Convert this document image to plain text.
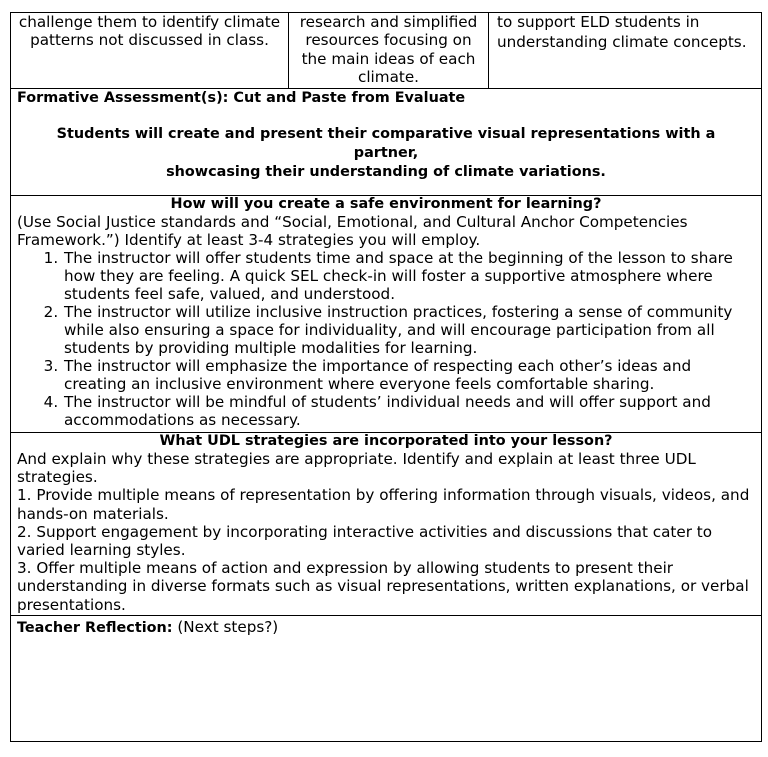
challenge them to identify climate
patterns not discussed in class.
research and simplified
resources focusing on
the main ideas of each
climate.
to support ELD students in
understanding climate concepts.
Formative Assessment(s): Cut and Paste from Evaluate
Students will create and present their comparative visual representations with a partner,
showcasing their understanding of climate variations.
How will you create a safe environment for learning?
(Use Social Justice standards and “Social, Emotional, and Cultural Anchor Competencies
Framework.”) Identify at least 3-4 strategies you will employ.
1. The instructor will offer students time and space at the beginning of the lesson to share how they are feeling. A quick SEL check-in will foster a supportive atmosphere where students feel safe, valued, and understood.
2. The instructor will utilize inclusive instruction practices, fostering a sense of community while also ensuring a space for individuality, and will encourage participation from all students by providing multiple modalities for learning.
3. The instructor will emphasize the importance of respecting each other’s ideas and creating an inclusive environment where everyone feels comfortable sharing.
4. The instructor will be mindful of students’ individual needs and will offer support and accommodations as necessary.
What UDL strategies are incorporated into your lesson?
And explain why these strategies are appropriate. Identify and explain at least three UDL strategies.
1. Provide multiple means of representation by offering information through visuals, videos, and hands-on materials.
2. Support engagement by incorporating interactive activities and discussions that cater to varied learning styles.
3. Offer multiple means of action and expression by allowing students to present their understanding in diverse formats such as visual representations, written explanations, or verbal presentations.
Teacher Reflection: (Next steps?)
